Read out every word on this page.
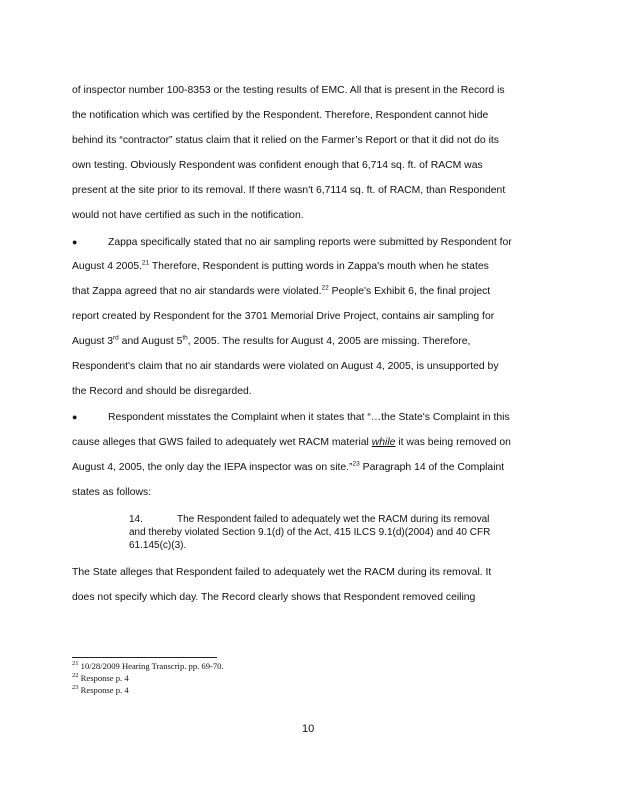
of inspector number 100-8353 or the testing results of EMC. All that is present in the Record is
the notification which was certified by the Respondent. Therefore, Respondent cannot hide
behind its “contractor” status claim that it relied on the Farmer’s Report or that it did not do its
own testing. Obviously Respondent was confident enough that 6,714 sq. ft. of RACM was
present at the site prior to its removal. If there wasn't 6,7114 sq. ft. of RACM, than Respondent
would not have certified as such in the notification.
●	Zappa specifically stated that no air sampling reports were submitted by Respondent for
August 4 2005.21 Therefore, Respondent is putting words in Zappa's mouth when he states
that Zappa agreed that no air standards were violated.$^{22}$ People's Exhibit 6, the final project
report created by Respondent for the 3701 Memorial Drive Project, contains air sampling for
August 3rd and August 5th, 2005. The results for August 4, 2005 are missing. Therefore,
Respondent's claim that no air standards were violated on August 4, 2005, is unsupported by
the Record and should be disregarded.
●	Respondent misstates the Complaint when it states that “…the State's Complaint in this
cause alleges that GWS failed to adequately wet RACM material while it was being removed on
August 4, 2005, the only day the IEPA inspector was on site.”$^{23}$ Paragraph 14 of the Complaint
states as follows:
14.	The Respondent failed to adequately wet the RACM during its removal
and thereby violated Section 9.1(d) of the Act, 415 ILCS 9.1(d)(2004) and 40 CFR
61.145(c)(3).
The State alleges that Respondent failed to adequately wet the RACM during its removal. It
does not specify which day. The Record clearly shows that Respondent removed ceiling
$^{21}$ 10/28/2009 Hearing Transcrip. pp. 69-70.
$^{22}$ Response p. 4
$^{23}$ Response p. 4
10
